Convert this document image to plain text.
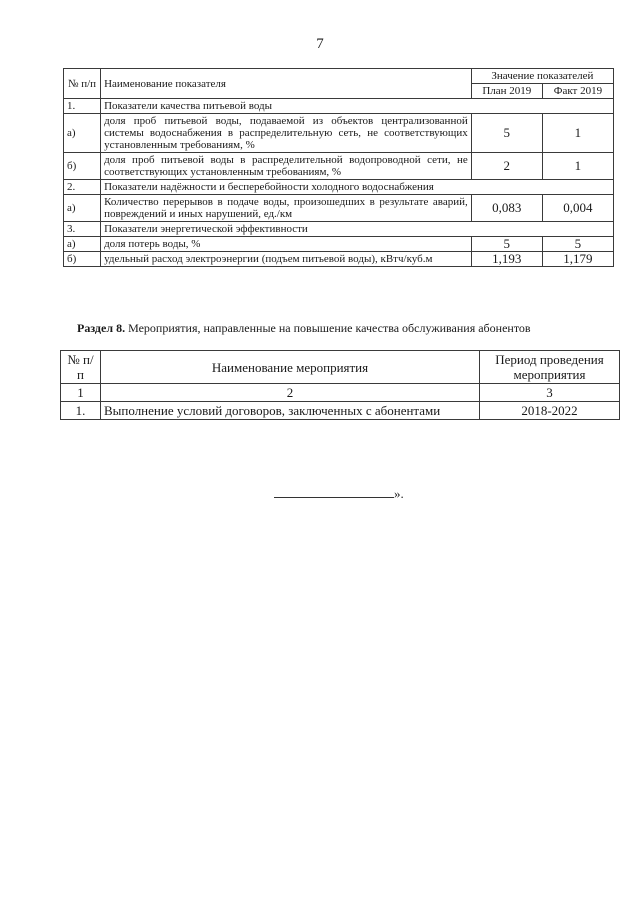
7
№ п/п	Наименование показателя	Значение показателей	
		План 2019	Факт 2019
1.	Показатели качества питьевой воды		
а)	доля проб питьевой воды, подаваемой из объектов централизованной системы водоснабжения в распределительную сеть, не соответствующих установленным требованиям, %	5	1
б)	доля проб питьевой воды в распределительной водопроводной сети, не соответствующих установленным требованиям, %	2	1
2.	Показатели надёжности и бесперебойности холодного водоснабжения		
а)	Количество перерывов в подаче воды, произошедших в результате аварий, повреждений и иных нарушений, ед./км	0,083	0,004
3.	Показатели энергетической эффективности		
а)	доля потерь воды, %	5	5
б)	удельный расход электроэнергии (подъем питьевой воды), кВтч/куб.м	1,193	1,179
Раздел 8. Мероприятия, направленные на повышение качества обслуживания абонентов
№ п/п	Наименование мероприятия	Период проведения мероприятия
1	2	3
1.	Выполнение условий договоров, заключенных с абонентами	2018-2022
».
